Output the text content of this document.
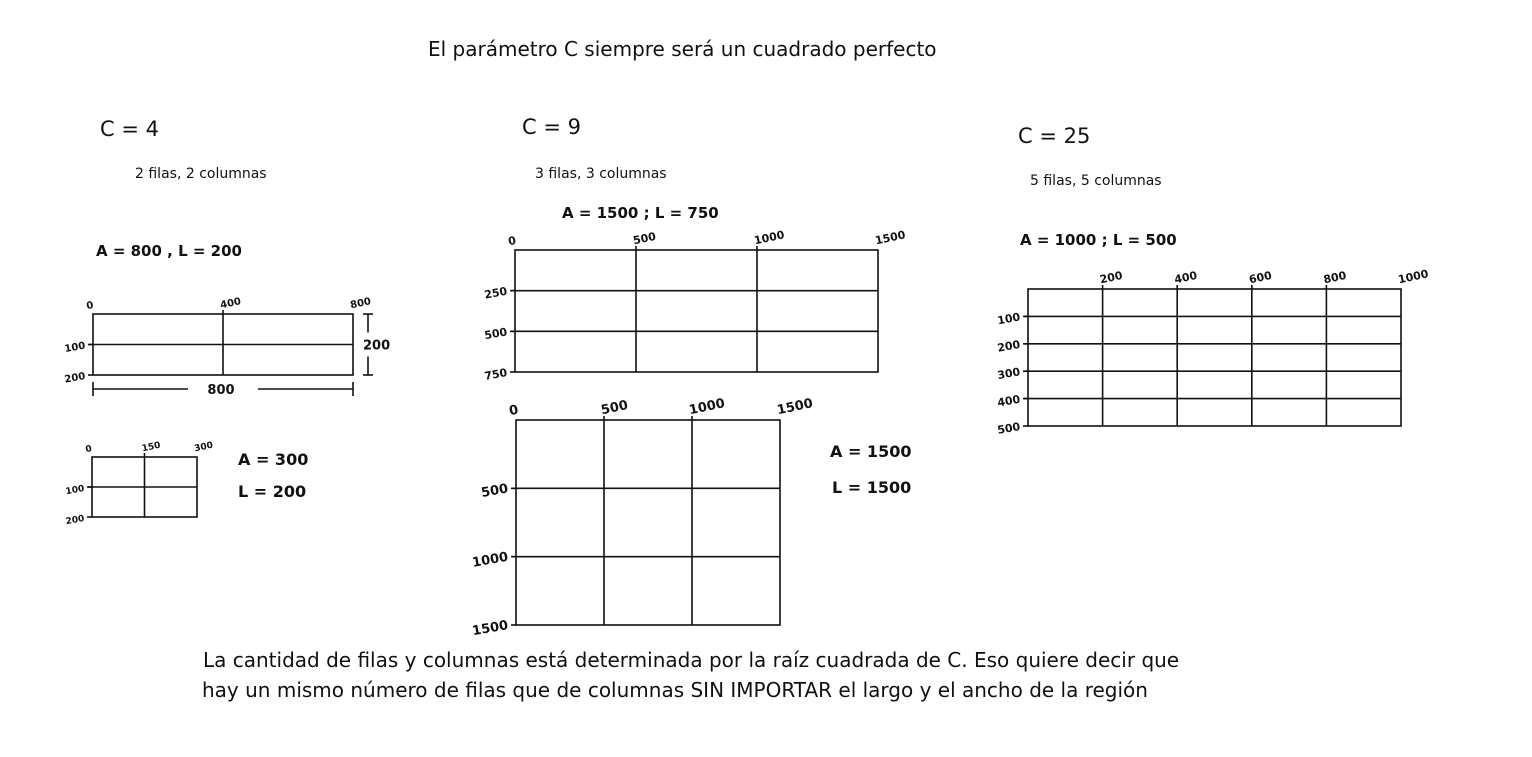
El parámetro C siempre será un cuadrado perfecto
C = 4
2 filas, 2 columnas
A = 800 , L = 200
C = 9
3 filas, 3 columnas
A = 1500 ; L = 750
C = 25
5 filas, 5 columnas
A = 1000 ; L = 500
A = 300
L = 200
A = 1500
L = 1500
0	400	800
100
200
800
200
0	150	300
100
200
0	500	1000	1500
250
500
750
0	500	1000	1500
500
1000
1500
200	400	600	800	1000
100
200
300
400
500
La cantidad de filas y columnas está determinada por la raíz cuadrada de C. Eso quiere decir que
hay un mismo número de filas que de columnas SIN IMPORTAR el largo y el ancho de la región
